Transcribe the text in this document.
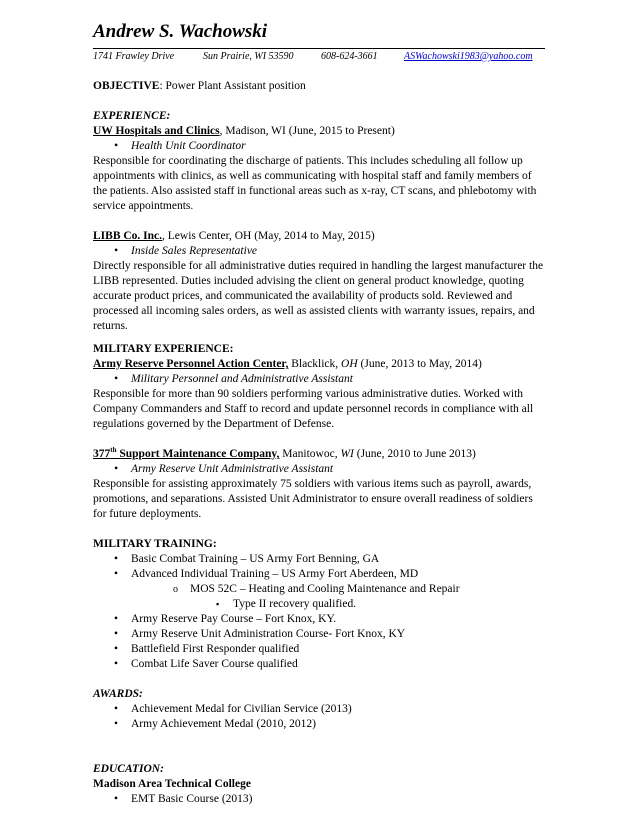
Andrew S. Wachowski
1741 Frawley Drive	Sun Prairie, WI 53590	608-624-3661	ASWachowski1983@yahoo.com
OBJECTIVE: Power Plant Assistant position
EXPERIENCE:
UW Hospitals and Clinics, Madison, WI (June, 2015 to Present)
• Health Unit Coordinator
Responsible for coordinating the discharge of patients. This includes scheduling all follow up appointments with clinics, as well as communicating with hospital staff and family members of the patients. Also assisted staff in functional areas such as x-ray, CT scans, and phlebotomy with service appointments.
LIBB Co. Inc., Lewis Center, OH (May, 2014 to May, 2015)
• Inside Sales Representative
Directly responsible for all administrative duties required in handling the largest manufacturer the LIBB represented. Duties included advising the client on general product knowledge, quoting accurate product prices, and communicated the availability of products sold. Reviewed and processed all incoming sales orders, as well as assisted clients with warranty issues, repairs, and returns.
MILITARY EXPERIENCE:
Army Reserve Personnel Action Center, Blacklick, OH (June, 2013 to May, 2014)
• Military Personnel and Administrative Assistant
Responsible for more than 90 soldiers performing various administrative duties. Worked with Company Commanders and Staff to record and update personnel records in compliance with all regulations governed by the Department of Defense.
377th Support Maintenance Company, Manitowoc, WI (June, 2010 to June 2013)
• Army Reserve Unit Administrative Assistant
Responsible for assisting approximately 75 soldiers with various items such as payroll, awards, promotions, and separations. Assisted Unit Administrator to ensure overall readiness of soldiers for future deployments.
MILITARY TRAINING:
• Basic Combat Training – US Army Fort Benning, GA
• Advanced Individual Training – US Army Fort Aberdeen, MD
o MOS 52C – Heating and Cooling Maintenance and Repair
▪ Type II recovery qualified.
• Army Reserve Pay Course – Fort Knox, KY.
• Army Reserve Unit Administration Course- Fort Knox, KY
• Battlefield First Responder qualified
• Combat Life Saver Course qualified
AWARDS:
• Achievement Medal for Civilian Service (2013)
• Army Achievement Medal (2010, 2012)
EDUCATION:
Madison Area Technical College
• EMT Basic Course (2013)
